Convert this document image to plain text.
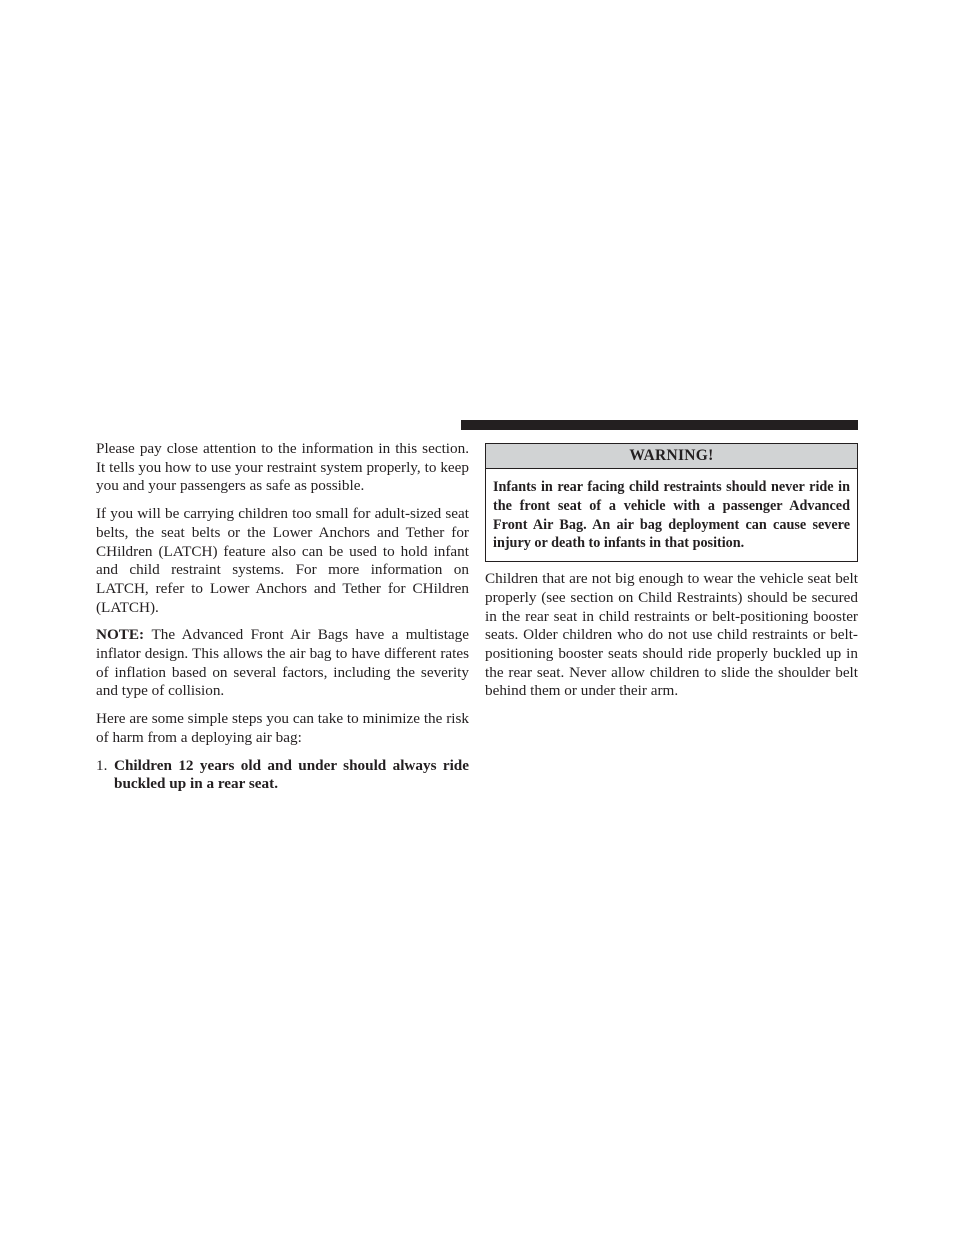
Please pay close attention to the information in this section. It tells you how to use your restraint system properly, to keep you and your passengers as safe as possible.

If you will be carrying children too small for adult-sized seat belts, the seat belts or the Lower Anchors and Tether for CHildren (LATCH) feature also can be used to hold infant and child restraint systems. For more information on LATCH, refer to Lower Anchors and Tether for CHildren (LATCH).

NOTE: The Advanced Front Air Bags have a multistage inflator design. This allows the air bag to have different rates of inflation based on several factors, including the severity and type of collision.

Here are some simple steps you can take to minimize the risk of harm from a deploying air bag:

1. Children 12 years old and under should always ride buckled up in a rear seat.
WARNING!
Infants in rear facing child restraints should never ride in the front seat of a vehicle with a passenger Advanced Front Air Bag. An air bag deployment can cause severe injury or death to infants in that position.

Children that are not big enough to wear the vehicle seat belt properly (see section on Child Restraints) should be secured in the rear seat in child restraints or belt-positioning booster seats. Older children who do not use child restraints or belt-positioning booster seats should ride properly buckled up in the rear seat. Never allow children to slide the shoulder belt behind them or under their arm.
